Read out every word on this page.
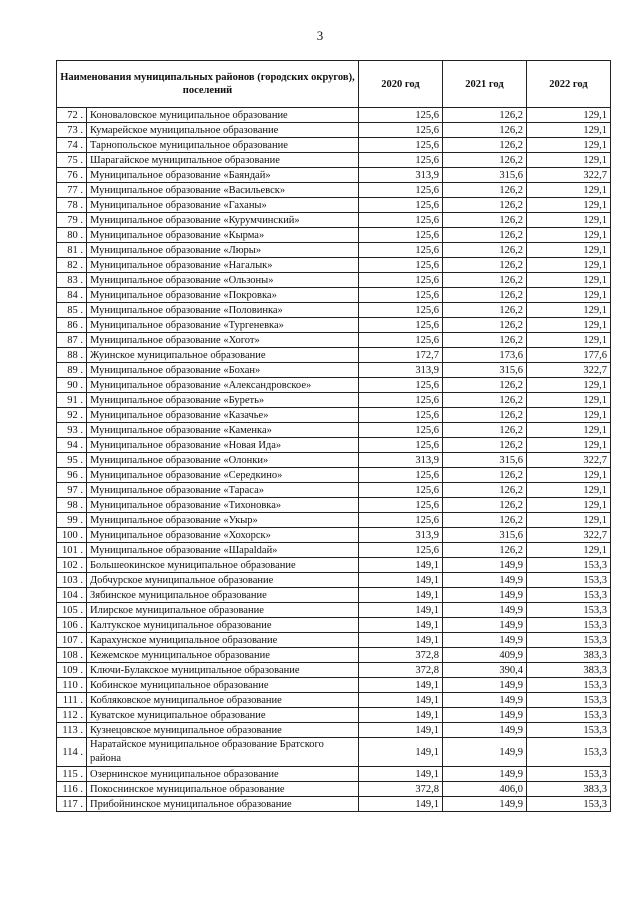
3
Наименования муниципальных районов (городских округов), поселений		2020 год	2021 год	2022 год
72 .	Коноваловское муниципальное образование	125,6	126,2	129,1
73 .	Кумарейское муниципальное образование	125,6	126,2	129,1
74 .	Тарнопольское муниципальное образование	125,6	126,2	129,1
75 .	Шарагайское муниципальное образование	125,6	126,2	129,1
76 .	Муниципальное образование «Баяндай»	313,9	315,6	322,7
77 .	Муниципальное образование «Васильевск»	125,6	126,2	129,1
78 .	Муниципальное образование «Гаханы»	125,6	126,2	129,1
79 .	Муниципальное образование «Курумчинский»	125,6	126,2	129,1
80 .	Муниципальное образование «Кырма»	125,6	126,2	129,1
81 .	Муниципальное образование «Люры»	125,6	126,2	129,1
82 .	Муниципальное образование «Нагалык»	125,6	126,2	129,1
83 .	Муниципальное образование «Ользоны»	125,6	126,2	129,1
84 .	Муниципальное образование «Покровка»	125,6	126,2	129,1
85 .	Муниципальное образование «Половинка»	125,6	126,2	129,1
86 .	Муниципальное образование «Тургеневка»	125,6	126,2	129,1
87 .	Муниципальное образование «Хогот»	125,6	126,2	129,1
88 .	Жуинское муниципальное образование	172,7	173,6	177,6
89 .	Муниципальное образование «Бохан»	313,9	315,6	322,7
90 .	Муниципальное образование «Александровское»	125,6	126,2	129,1
91 .	Муниципальное образование «Буреть»	125,6	126,2	129,1
92 .	Муниципальное образование «Казачье»	125,6	126,2	129,1
93 .	Муниципальное образование «Каменка»	125,6	126,2	129,1
94 .	Муниципальное образование «Новая Ида»	125,6	126,2	129,1
95 .	Муниципальное образование «Олонки»	313,9	315,6	322,7
96 .	Муниципальное образование «Середкино»	125,6	126,2	129,1
97 .	Муниципальное образование «Тараса»	125,6	126,2	129,1
98 .	Муниципальное образование «Тихоновка»	125,6	126,2	129,1
99 .	Муниципальное образование «Укыр»	125,6	126,2	129,1
100 .	Муниципальное образование «Хохорск»	313,9	315,6	322,7
101 .	Муниципальное образование «Шараldай»	125,6	126,2	129,1
102 .	Большеокинское муниципальное образование	149,1	149,9	153,3
103 .	Добчурское муниципальное образование	149,1	149,9	153,3
104 .	Зябинское муниципальное образование	149,1	149,9	153,3
105 .	Илирское муниципальное образование	149,1	149,9	153,3
106 .	Калтукское муниципальное образование	149,1	149,9	153,3
107 .	Карахунское муниципальное образование	149,1	149,9	153,3
108 .	Кежемское муниципальное образование	372,8	409,9	383,3
109 .	Ключи-Булакское муниципальное образование	372,8	390,4	383,3
110 .	Кобинское муниципальное образование	149,1	149,9	153,3
111 .	Кобляковское муниципальное образование	149,1	149,9	153,3
112 .	Куватское муниципальное образование	149,1	149,9	153,3
113 .	Кузнецовское муниципальное образование	149,1	149,9	153,3
114 .	Наратайское муниципальное образование Братского района	149,1	149,9	153,3
115 .	Озернинское муниципальное образование	149,1	149,9	153,3
116 .	Покоснинское муниципальное образование	372,8	406,0	383,3
117 .	Прибойнинское муниципальное образование	149,1	149,9	153,3
